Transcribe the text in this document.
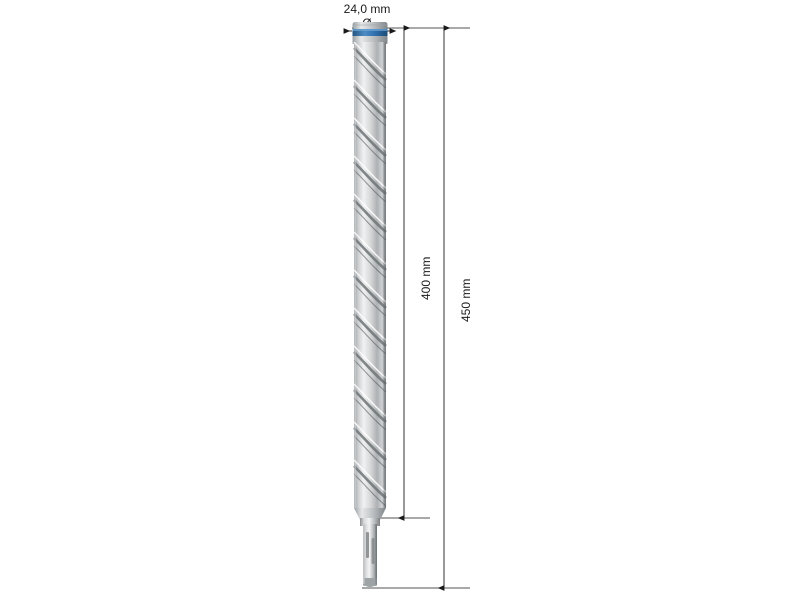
24,0 mm
400 mm
450 mm
